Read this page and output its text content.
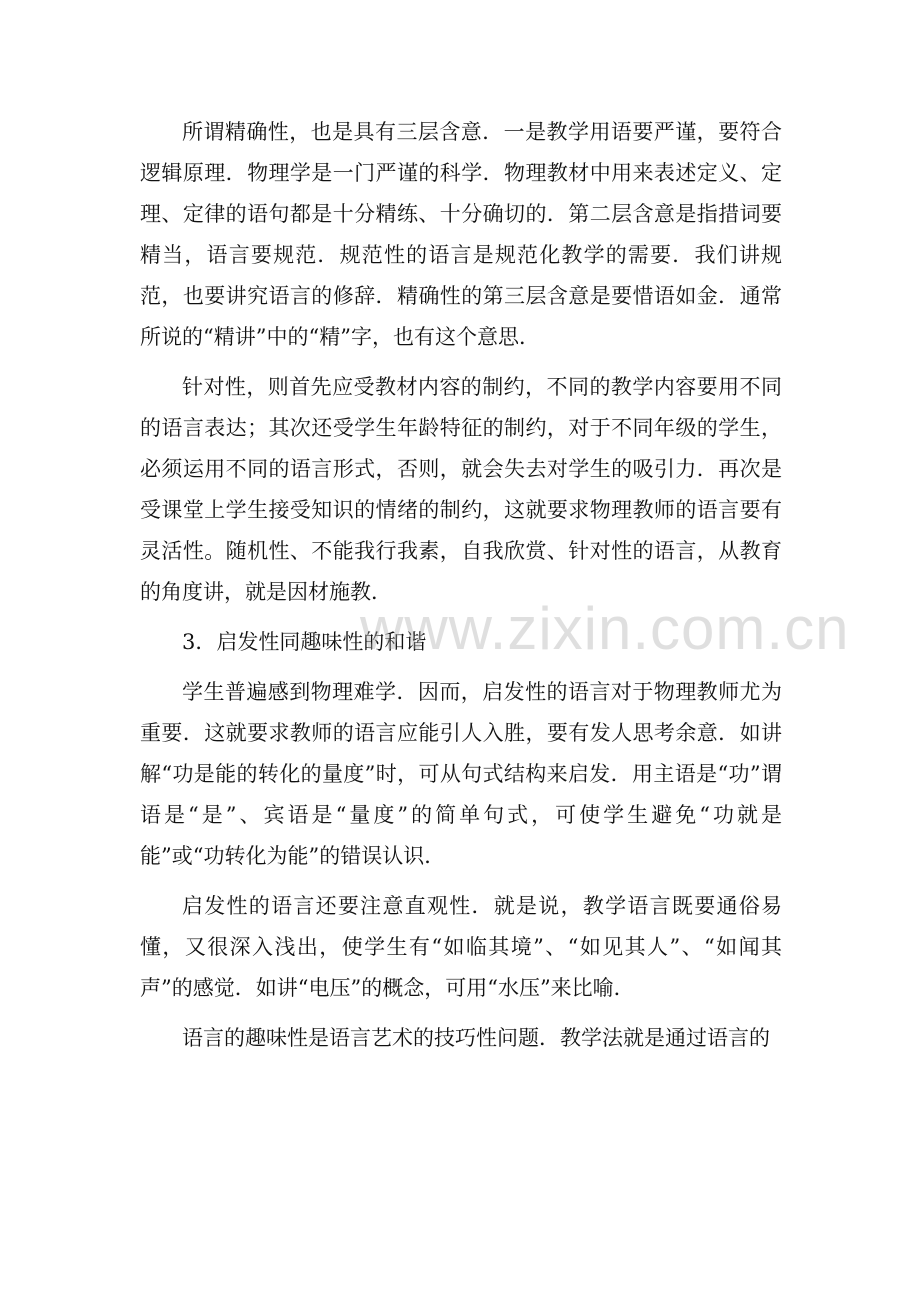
所谓精确性，也是具有三层含意．一是教学用语要严谨，要符合逻辑原理．物理学是一门严谨的科学．物理教材中用来表述定义、定理、定律的语句都是十分精练、十分确切的．第二层含意是指措词要精当，语言要规范．规范性的语言是规范化教学的需要．我们讲规范，也要讲究语言的修辞．精确性的第三层含意是要惜语如金．通常所说的“精讲”中的“精”字，也有这个意思．

针对性，则首先应受教材内容的制约，不同的教学内容要用不同的语言表达；其次还受学生年龄特征的制约，对于不同年级的学生，必须运用不同的语言形式，否则，就会失去对学生的吸引力．再次是受课堂上学生接受知识的情绪的制约，这就要求物理教师的语言要有灵活性。随机性、不能我行我素，自我欣赏、针对性的语言，从教育的角度讲，就是因材施教．

3．启发性同趣味性的和谐

学生普遍感到物理难学．因而，启发性的语言对于物理教师尤为重要．这就要求教师的语言应能引人入胜，要有发人思考余意．如讲解“功是能的转化的量度”时，可从句式结构来启发．用主语是“功”谓语是“是”、宾语是“量度”的简单句式，可使学生避免“功就是能”或“功转化为能”的错误认识．

启发性的语言还要注意直观性．就是说，教学语言既要通俗易懂，又很深入浅出，使学生有“如临其境”、“如见其人”、“如闻其声”的感觉．如讲“电压”的概念，可用“水压”来比喻．

语言的趣味性是语言艺术的技巧性问题．教学法就是通过语言的

www.zixin.com.cn
